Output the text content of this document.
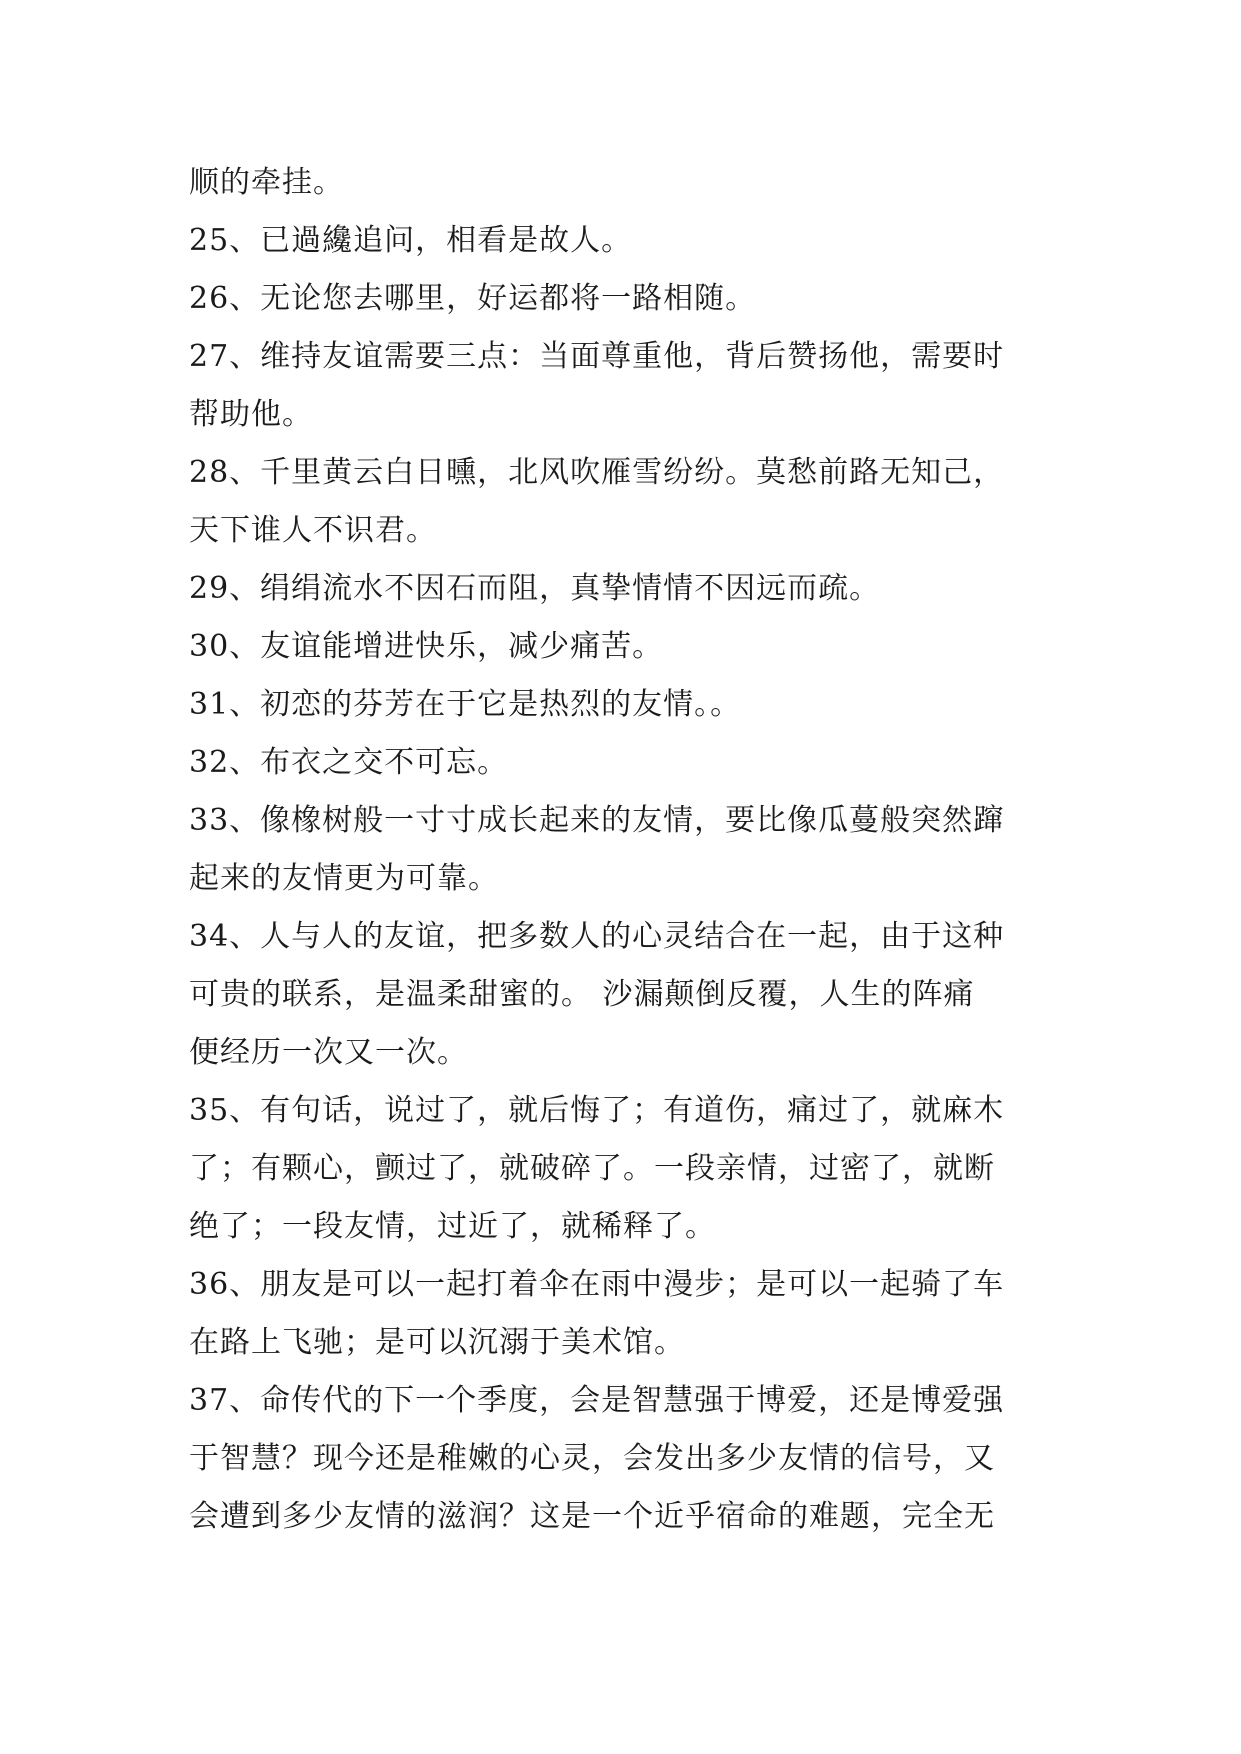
顺的牵挂。
25、已過纔追问，相看是故人。
26、无论您去哪里，好运都将一路相随。
27、维持友谊需要三点：当面尊重他，背后赞扬他，需要时
帮助他。
28、千里黄云白日曛，北风吹雁雪纷纷。莫愁前路无知己，
天下谁人不识君。
29、绢绢流水不因石而阻，真挚情情不因远而疏。
30、友谊能增进快乐，减少痛苦。
31、初恋的芬芳在于它是热烈的友情。。
32、布衣之交不可忘。
33、像橡树般一寸寸成长起来的友情，要比像瓜蔓般突然蹿
起来的友情更为可靠。
34、人与人的友谊，把多数人的心灵结合在一起，由于这种
可贵的联系，是温柔甜蜜的。 沙漏颠倒反覆，人生的阵痛
便经历一次又一次。
35、有句话，说过了，就后悔了；有道伤，痛过了，就麻木
了；有颗心，颤过了，就破碎了。一段亲情，过密了，就断
绝了；一段友情，过近了，就稀释了。
36、朋友是可以一起打着伞在雨中漫步；是可以一起骑了车
在路上飞驰；是可以沉溺于美术馆。
37、命传代的下一个季度，会是智慧强于博爱，还是博爱强
于智慧？现今还是稚嫩的心灵，会发出多少友情的信号，又
会遭到多少友情的滋润？这是一个近乎宿命的难题，完全无
